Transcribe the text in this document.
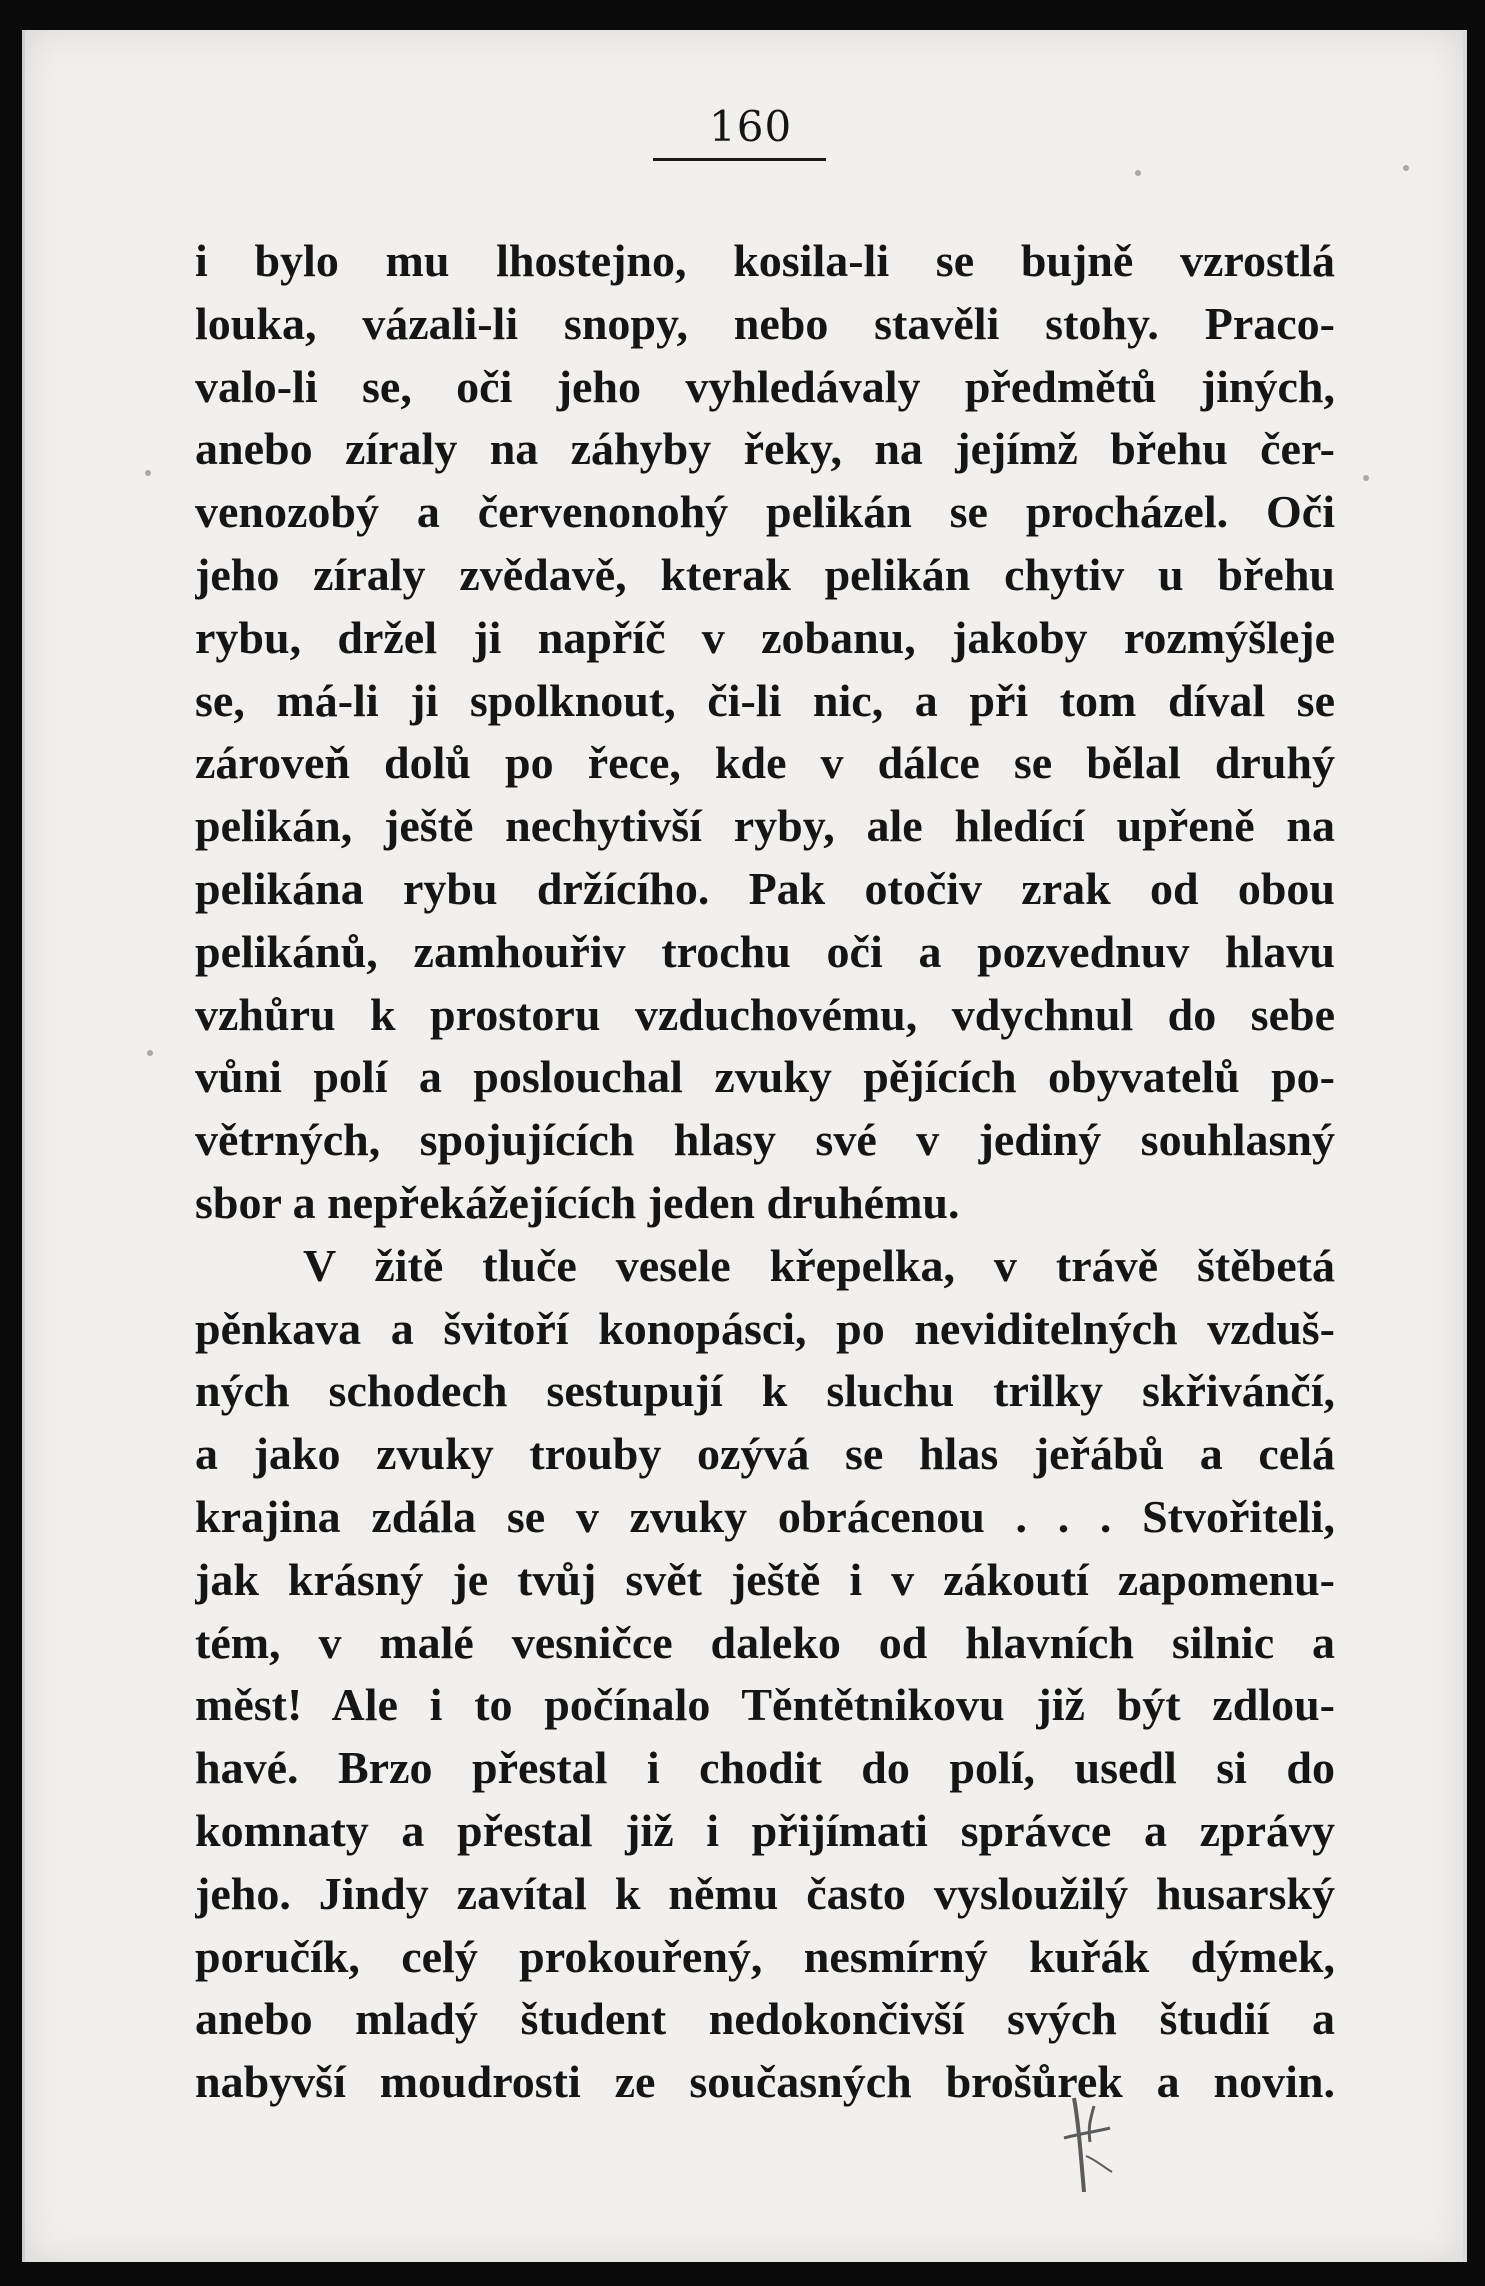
160
i bylo mu lhostejno, kosila-li se bujně vzrostlá
louka, vázali-li snopy, nebo stavěli stohy. Praco-
valo-li se, oči jeho vyhledávaly předmětů jiných,
anebo zíraly na záhyby řeky, na jejímž břehu čer-
venozobý a červenonohý pelikán se procházel. Oči
jeho zíraly zvědavě, kterak pelikán chytiv u břehu
rybu, držel ji napříč v zobanu, jakoby rozmýšleje
se, má-li ji spolknout, či-li nic, a při tom díval se
zároveň dolů po řece, kde v dálce se bělal druhý
pelikán, ještě nechytivší ryby, ale hledící upřeně na
pelikána rybu držícího. Pak otočiv zrak od obou
pelikánů, zamhouřiv trochu oči a pozvednuv hlavu
vzhůru k prostoru vzduchovému, vdychnul do sebe
vůni polí a poslouchal zvuky pějících obyvatelů po-
větrných, spojujících hlasy své v jediný souhlasný
sbor a nepřekážejících jeden druhému.
V žitě tluče vesele křepelka, v trávě štěbetá
pěnkava a švitoří konopásci, po neviditelných vzduš-
ných schodech sestupují k sluchu trilky skřivánčí,
a jako zvuky trouby ozývá se hlas jeřábů a celá
krajina zdála se v zvuky obrácenou . . . Stvořiteli,
jak krásný je tvůj svět ještě i v zákoutí zapomenu-
tém, v malé vesničce daleko od hlavních silnic a
měst! Ale i to počínalo Těntětnikovu již být zdlou-
havé. Brzo přestal i chodit do polí, usedl si do
komnaty a přestal již i přijímati správce a zprávy
jeho. Jindy zavítal k němu často vysloužilý husarský
poručík, celý prokouřený, nesmírný kuřák dýmek,
anebo mladý študent nedokončivší svých študií a
nabyvší moudrosti ze současných brošůrek a novin.
